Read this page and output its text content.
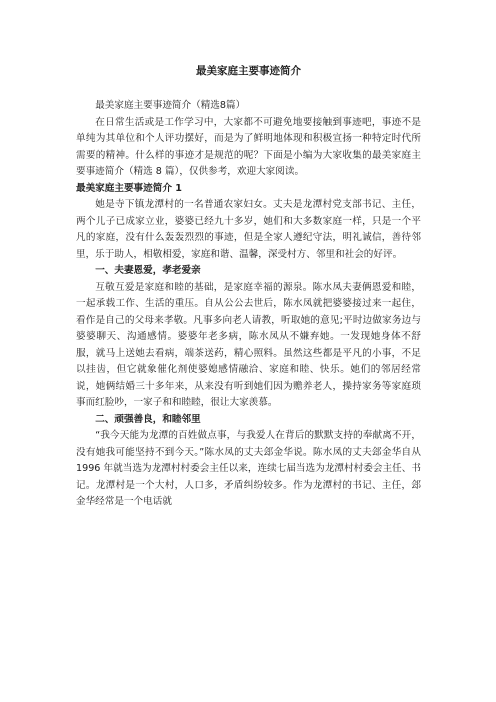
最美家庭主要事迹简介

最美家庭主要事迹简介（精选8篇）

在日常生活或是工作学习中，大家都不可避免地要接触到事迹吧，事迹不是单纯为其单位和个人评功摆好，而是为了鲜明地体现和积极宣扬一种特定时代所需要的精神。什么样的事迹才是规范的呢？下面是小编为大家收集的最美家庭主要事迹简介（精选 8 篇），仅供参考，欢迎大家阅读。

最美家庭主要事迹简介 1

她是寺下镇龙潭村的一名普通农家妇女。丈夫是龙潭村党支部书记、主任，两个儿子已成家立业，婆婆已经九十多岁，她们和大多数家庭一样，只是一个平凡的家庭，没有什么轰轰烈烈的事迹，但是全家人遵纪守法，明礼诚信，善待邻里，乐于助人，相敬相爱，家庭和谐、温馨，深受村方、邻里和社会的好评。

一、夫妻恩爱，孝老爱亲

互敬互爱是家庭和睦的基础，是家庭幸福的源泉。陈水凤夫妻俩恩爱和睦，一起承载工作、生活的重压。自从公公去世后，陈水凤就把婆婆接过来一起住，看作是自己的父母来孝敬。凡事多向老人请教，听取她的意见;平时边做家务边与婆婆聊天、沟通感情。婆婆年老多病，陈水凤从不嫌弃她。一发现她身体不舒服，就马上送她去看病，端茶送药，精心照料。虽然这些都是平凡的小事，不足以挂齿，但它就象催化剂使婆媳感情融洽、家庭和睦、快乐。她们的邻居经常说，她俩结婚三十多年来，从来没有听到她们因为赡养老人，操持家务等家庭琐事而红脸吵，一家子和和睦睦，很让大家羡慕。

二、顽强善良，和睦邻里

“我今天能为龙潭的百姓做点事，与我爱人在背后的默默支持的奉献离不开，没有她我可能坚持不到今天。”陈水凤的丈夫郐金华说。陈水凤的丈夫郐金华自从 1996 年就当选为龙潭村村委会主任以来，连续七届当选为龙潭村村委会主任、书记。龙潭村是一个大村，人口多，矛盾纠纷较多。作为龙潭村的书记、主任，郐金华经常是一个电话就
